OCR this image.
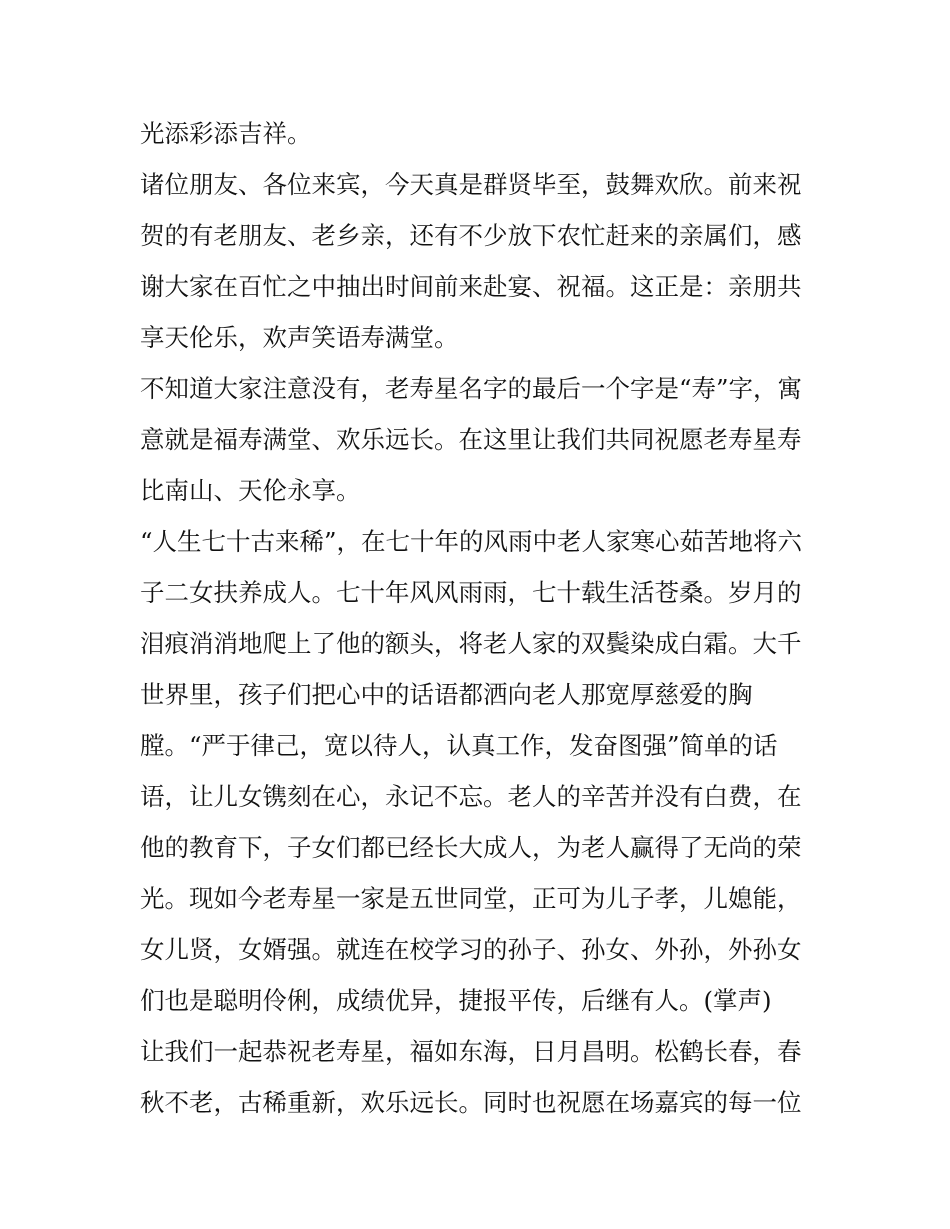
光添彩添吉祥。
诸位朋友、各位来宾，今天真是群贤毕至，鼓舞欢欣。前来祝
贺的有老朋友、老乡亲，还有不少放下农忙赶来的亲属们，感
谢大家在百忙之中抽出时间前来赴宴、祝福。这正是：亲朋共
享天伦乐，欢声笑语寿满堂。
不知道大家注意没有，老寿星名字的最后一个字是“寿”字，寓
意就是福寿满堂、欢乐远长。在这里让我们共同祝愿老寿星寿
比南山、天伦永享。
“人生七十古来稀”，在七十年的风雨中老人家寒心茹苦地将六
子二女扶养成人。七十年风风雨雨，七十载生活苍桑。岁月的
泪痕消消地爬上了他的额头，将老人家的双鬓染成白霜。大千
世界里，孩子们把心中的话语都洒向老人那宽厚慈爱的胸
膛。“严于律己，宽以待人，认真工作，发奋图强”简单的话
语，让儿女镌刻在心，永记不忘。老人的辛苦并没有白费，在
他的教育下，子女们都已经长大成人，为老人赢得了无尚的荣
光。现如今老寿星一家是五世同堂，正可为儿子孝，儿媳能，
女儿贤，女婿强。就连在校学习的孙子、孙女、外孙，外孙女
们也是聪明伶俐，成绩优异，捷报平传，后继有人。(掌声)
让我们一起恭祝老寿星，福如东海，日月昌明。松鹤长春，春
秋不老，古稀重新，欢乐远长。同时也祝愿在场嘉宾的每一位
